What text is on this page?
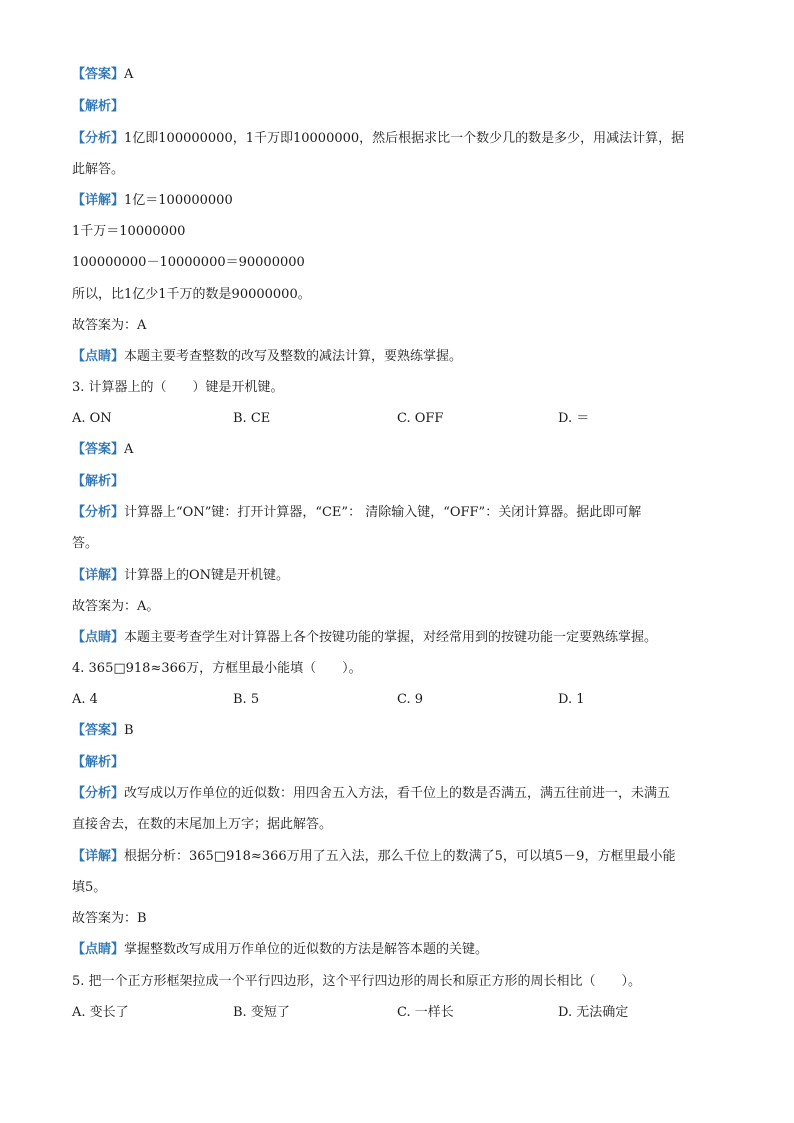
【答案】A
【解析】
【分析】1亿即100000000，1千万即10000000，然后根据求比一个数少几的数是多少，用减法计算，据
此解答。
【详解】1亿＝100000000
1千万＝10000000
100000000－10000000＝90000000
所以，比1亿少1千万的数是90000000。
故答案为：A
【点睛】本题主要考查整数的改写及整数的减法计算，要熟练掌握。
3. 计算器上的（　　）键是开机键。
A. ON	B. CE	C. OFF	D. ＝
【答案】A
【解析】
【分析】计算器上“ON”键：打开计算器，“CE”： 清除输入键，“OFF”：关闭计算器。据此即可解
答。
【详解】计算器上的ON键是开机键。
故答案为：A。
【点睛】本题主要考查学生对计算器上各个按键功能的掌握，对经常用到的按键功能一定要熟练掌握。
4. 365□918≈366万，方框里最小能填（　　）。
A. 4	B. 5	C. 9	D. 1
【答案】B
【解析】
【分析】改写成以万作单位的近似数：用四舍五入方法，看千位上的数是否满五，满五往前进一，未满五
直接舍去，在数的末尾加上万字；据此解答。
【详解】根据分析：365□918≈366万用了五入法，那么千位上的数满了5，可以填5－9，方框里最小能
填5。
故答案为：B
【点睛】掌握整数改写成用万作单位的近似数的方法是解答本题的关键。
5. 把一个正方形框架拉成一个平行四边形，这个平行四边形的周长和原正方形的周长相比（　　）。
A. 变长了	B. 变短了	C. 一样长	D. 无法确定
